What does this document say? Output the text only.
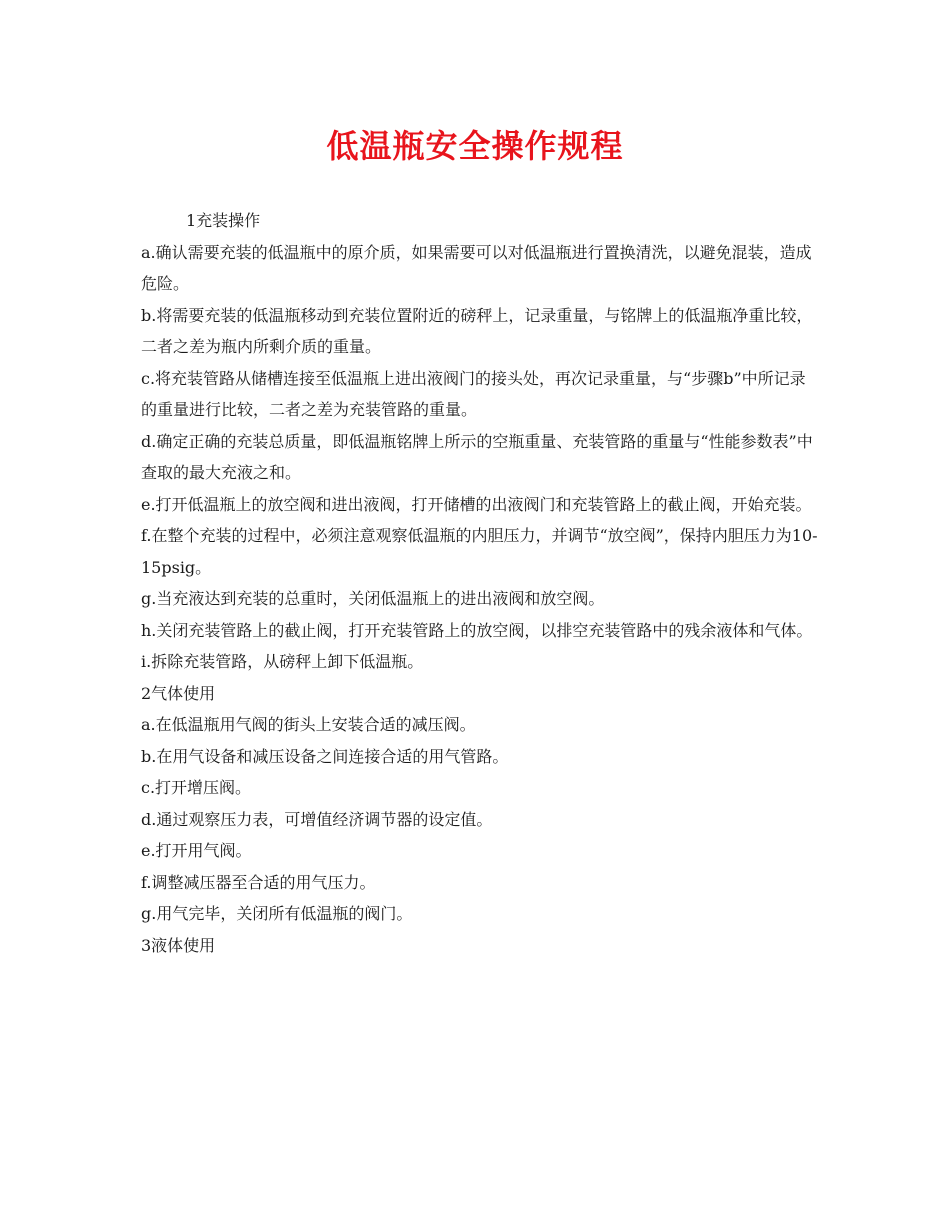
低温瓶安全操作规程

1充装操作

a.确认需要充装的低温瓶中的原介质，如果需要可以对低温瓶进行置换清洗，以避免混装，造成危险。

b.将需要充装的低温瓶移动到充装位置附近的磅秤上，记录重量，与铭牌上的低温瓶净重比较，二者之差为瓶内所剩介质的重量。

c.将充装管路从储槽连接至低温瓶上进出液阀门的接头处，再次记录重量，与“步骤b”中所记录的重量进行比较，二者之差为充装管路的重量。

d.确定正确的充装总质量，即低温瓶铭牌上所示的空瓶重量、充装管路的重量与“性能参数表”中查取的最大充液之和。

e.打开低温瓶上的放空阀和进出液阀，打开储槽的出液阀门和充装管路上的截止阀，开始充装。

f.在整个充装的过程中，必须注意观察低温瓶的内胆压力，并调节“放空阀”，保持内胆压力为10-15psig。

g.当充液达到充装的总重时，关闭低温瓶上的进出液阀和放空阀。

h.关闭充装管路上的截止阀，打开充装管路上的放空阀，以排空充装管路中的残余液体和气体。

i.拆除充装管路，从磅秤上卸下低温瓶。

2气体使用

a.在低温瓶用气阀的街头上安装合适的减压阀。

b.在用气设备和减压设备之间连接合适的用气管路。

c.打开增压阀。

d.通过观察压力表，可增值经济调节器的设定值。

e.打开用气阀。

f.调整减压器至合适的用气压力。

g.用气完毕，关闭所有低温瓶的阀门。

3液体使用
